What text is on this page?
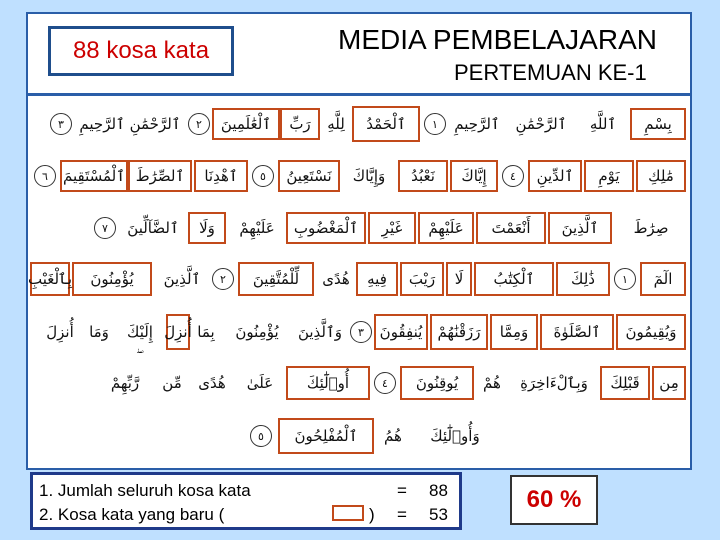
88 kosa kata	MEDIA PEMBELAJARAN
PERTEMUAN KE-1
بِسْمِ
ٱللَّهِ
ٱلرَّحْمَٰنِ
ٱلرَّحِيمِ
١
ٱلْحَمْدُ
لِلَّهِ
رَبِّ
ٱلْعَٰلَمِينَ
٢
ٱلرَّحْمَٰنِ ٱلرَّحِيمِ
٣
مَٰلِكِ
يَوْمِ
ٱلدِّينِ
٤
إِيَّاكَ
نَعْبُدُ
وَإِيَّاكَ
نَسْتَعِينُ
٥
ٱهْدِنَا
ٱلصِّرَٰطَ
ٱلْمُسْتَقِيمَ
٦
صِرَٰطَ
ٱلَّذِينَ
أَنْعَمْتَ
عَلَيْهِمْ
غَيْرِ
ٱلْمَغْضُوبِ
عَلَيْهِمْ
وَلَا
ٱلضَّآلِّينَ
٧
الٓمٓ
١
ذَٰلِكَ
ٱلْكِتَٰبُ
لَا
رَيْبَ
فِيهِ
هُدًى
لِّلْمُتَّقِينَ
٢
ٱلَّذِينَ
يُؤْمِنُونَ
بِٱلْغَيْبِ
وَيُقِيمُونَ
ٱلصَّلَوٰةَ
وَمِمَّا
رَزَقْنَٰهُمْ
يُنفِقُونَ
٣
وَٱلَّذِينَ
يُؤْمِنُونَ
بِمَا
أُنزِلَ
إِلَيْكَ
وَمَا
أُنزِلَ
مِن
قَبْلِكَ
وَبِٱلْءَاخِرَةِ
هُمْ
يُوقِنُونَ
٤
أُو۟لَٰٓئِكَ
عَلَىٰ
هُدًى
مِّن
رَّبِّهِمْ
وَأُو۟لَٰٓئِكَ
هُمُ
ٱلْمُفْلِحُونَ
٥
1. Jumlah seluruh kosa kata	= 88
2. Kosa kata yang baru (	) = 53
60 %
